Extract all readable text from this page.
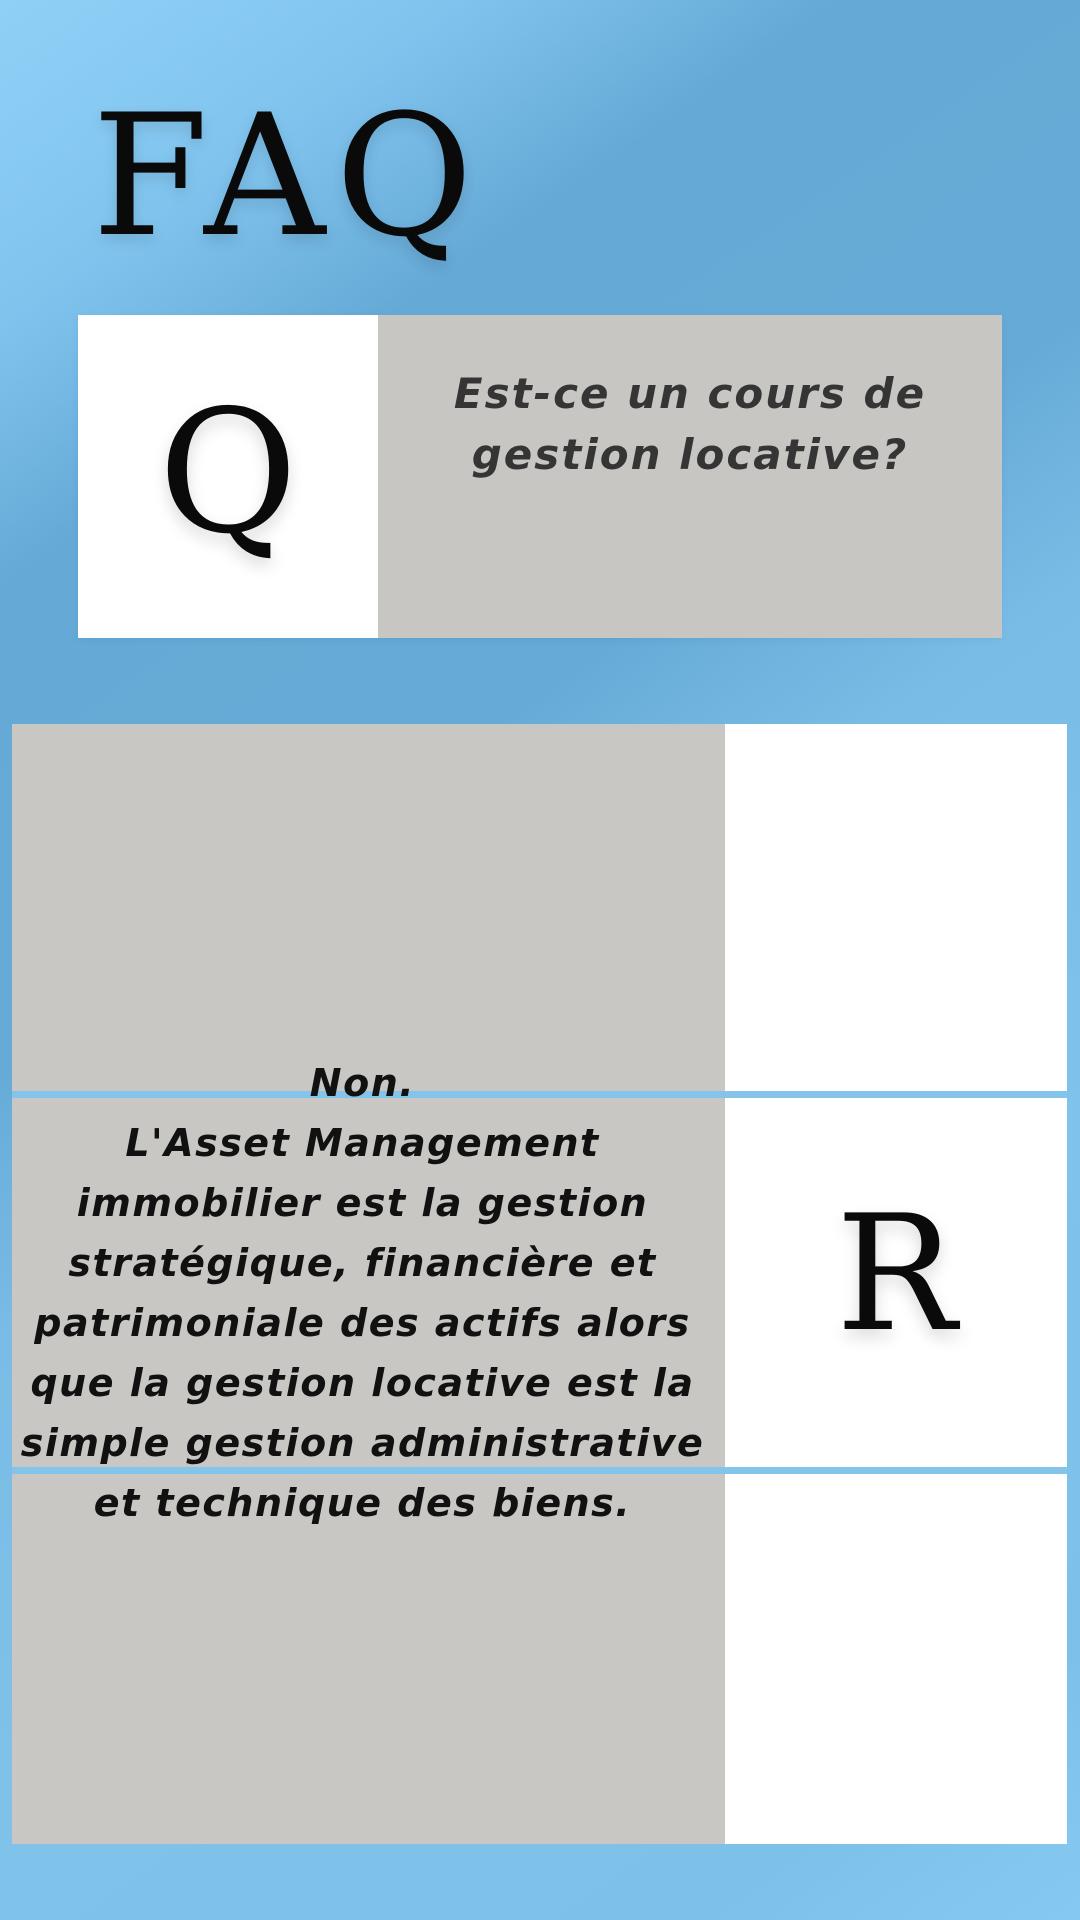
FAQ
Q	Est-ce un cours de
gestion locative?
R
Non.
L'Asset Management
immobilier est la gestion
stratégique, financière et
patrimoniale des actifs alors
que la gestion locative est la
simple gestion administrative
et technique des biens.
